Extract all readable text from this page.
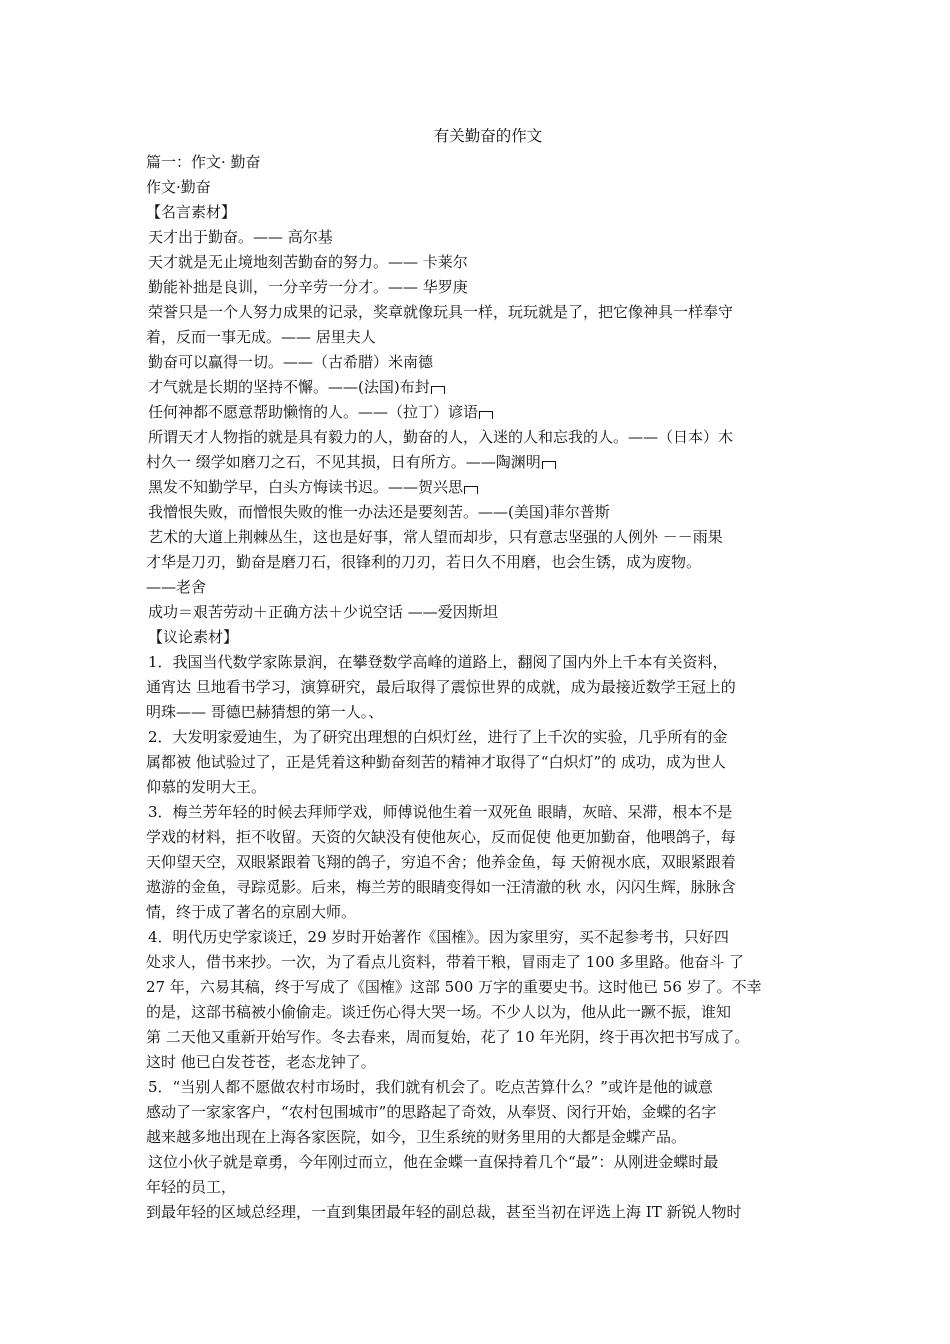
有关勤奋的作文
篇一：作文· 勤奋
作文·勤奋
【名言素材】
天才出于勤奋。—— 高尔基
天才就是无止境地刻苦勤奋的努力。—— 卡莱尔
勤能补拙是良训，一分辛劳一分才。—— 华罗庚
荣誉只是一个人努力成果的记录，奖章就像玩具一样，玩玩就是了，把它像神具一样奉守
着，反而一事无成。—— 居里夫人
勤奋可以赢得一切。——（古希腊）米南德
才气就是长期的坚持不懈。——(法国)布封
任何神都不愿意帮助懒惰的人。——（拉丁）谚语
所谓天才人物指的就是具有毅力的人，勤奋的人，入迷的人和忘我的人。——（日本）木
村久一 缀学如磨刀之石，不见其损，日有所方。——陶渊明
黑发不知勤学早，白头方悔读书迟。——贺兴思
我憎恨失败，而憎恨失败的惟一办法还是要刻苦。——(美国)菲尔普斯
艺术的大道上荆棘丛生，这也是好事，常人望而却步，只有意志坚强的人例外 －－雨果
才华是刀刃，勤奋是磨刀石，很锋利的刀刃，若日久不用磨，也会生锈，成为废物。
——老舍
成功＝艰苦劳动＋正确方法＋少说空话 ——爱因斯坦
【议论素材】
1．我国当代数学家陈景润，在攀登数学高峰的道路上，翻阅了国内外上千本有关资料，
通宵达 旦地看书学习，演算研究，最后取得了震惊世界的成就，成为最接近数学王冠上的
明珠—— 哥德巴赫猜想的第一人。、
2．大发明家爱迪生，为了研究出理想的白炽灯丝，进行了上千次的实验，几乎所有的金
属都被 他试验过了，正是凭着这种勤奋刻苦的精神才取得了“白炽灯”的 成功，成为世人
仰慕的发明大王。
3．梅兰芳年轻的时候去拜师学戏，师傅说他生着一双死鱼 眼睛，灰暗、呆滞，根本不是
学戏的材料，拒不收留。天资的欠缺没有使他灰心，反而促使 他更加勤奋，他喂鸽子，每
天仰望天空，双眼紧跟着飞翔的鸽子，穷追不舍；他养金鱼，每 天俯视水底，双眼紧跟着
遨游的金鱼，寻踪觅影。后来，梅兰芳的眼睛变得如一汪清澈的秋 水，闪闪生辉，脉脉含
情，终于成了著名的京剧大师。
4．明代历史学家谈迁，29 岁时开始著作《国榷》。因为家里穷，买不起参考书，只好四
处求人，借书来抄。一次，为了看点儿资料，带着干粮，冒雨走了 100 多里路。他奋斗 了
27 年，六易其稿，终于写成了《国榷》这部 500 万字的重要史书。这时他已 56 岁了。不幸
的是，这部书稿被小偷偷走。谈迁伤心得大哭一场。不少人以为，他从此一蹶不振，谁知
第 二天他又重新开始写作。冬去春来，周而复始，花了 10 年光阴，终于再次把书写成了。
这时 他已白发苍苍，老态龙钟了。
5．“当别人都不愿做农村市场时，我们就有机会了。吃点苦算什么？”或许是他的诚意
感动了一家家客户，“农村包围城市”的思路起了奇效，从奉贤、闵行开始，金蝶的名字
越来越多地出现在上海各家医院，如今，卫生系统的财务里用的大都是金蝶产品。
这位小伙子就是章勇，今年刚过而立，他在金蝶一直保持着几个“最”：从刚进金蝶时最
年轻的员工，
到最年轻的区域总经理，一直到集团最年轻的副总裁，甚至当初在评选上海 IT 新锐人物时
